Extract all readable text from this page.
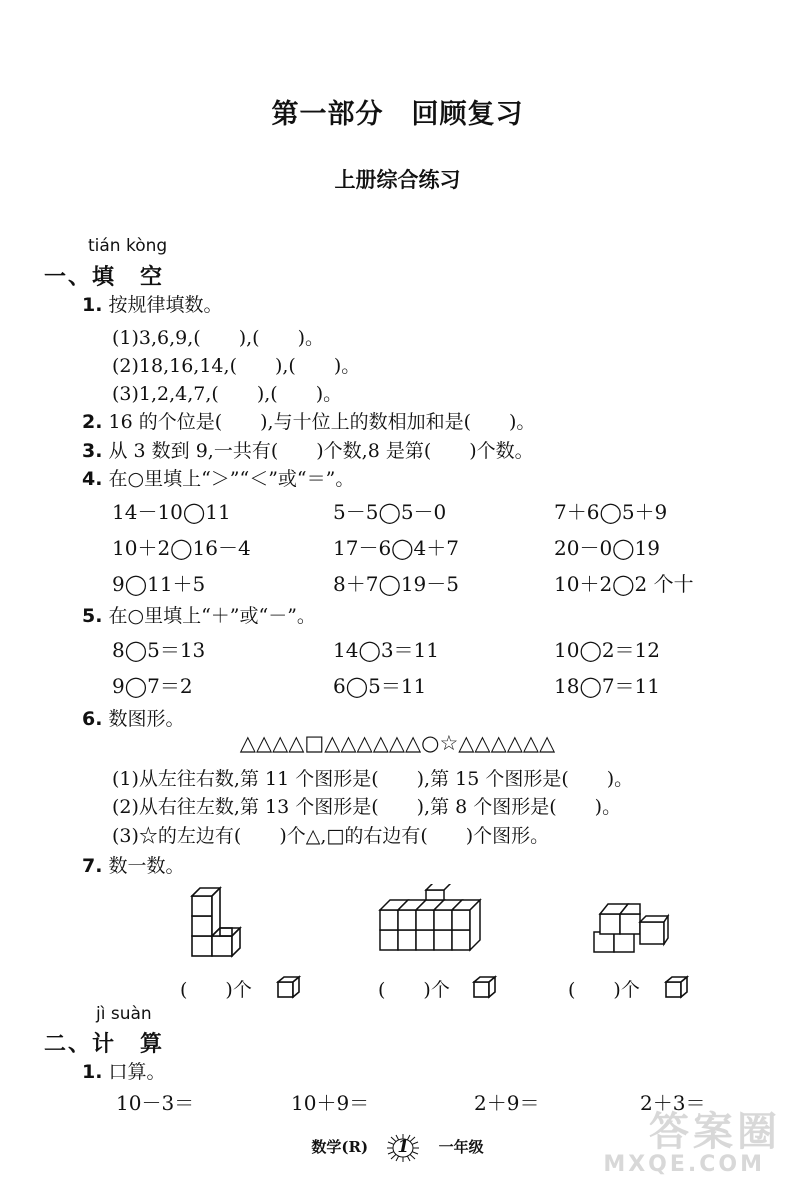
第一部分　回顾复习
上册综合练习
tián kòng
一、填　空
1. 按规律填数。
(1)3,6,9,(　　),(　　)。
(2)18,16,14,(　　),(　　)。
(3)1,2,4,7,(　　),(　　)。
2. 16 的个位是(　　),与十位上的数相加和是(　　)。
3. 从 3 数到 9,一共有(　　)个数,8 是第(　　)个数。
4. 在○里填上“＞”“＜”或“＝”。
14－10◯11	5－5◯5－0	7＋6◯5＋9
10＋2◯16－4	17－6◯4＋7	20－0◯19
9◯11＋5	8＋7◯19－5	10＋2◯2 个十
5. 在○里填上“＋”或“－”。
8◯5＝13	14◯3＝11	10◯2＝12
9◯7＝2	6◯5＝11	18◯7＝11
6. 数图形。
△△△△□△△△△△△○☆△△△△△△
(1)从左往右数,第 11 个图形是(　　),第 15 个图形是(　　)。
(2)从右往左数,第 13 个图形是(　　),第 8 个图形是(　　)。
(3)☆的左边有(　　)个△,□的右边有(　　)个图形。
7. 数一数。
(　　)个	(　　)个	(　　)个
jì suàn
二、计　算
1. 口算。
10－3＝	10＋9＝	2＋9＝	2＋3＝
答案圈
MXQE.COM
数学(R)	1	一年级
